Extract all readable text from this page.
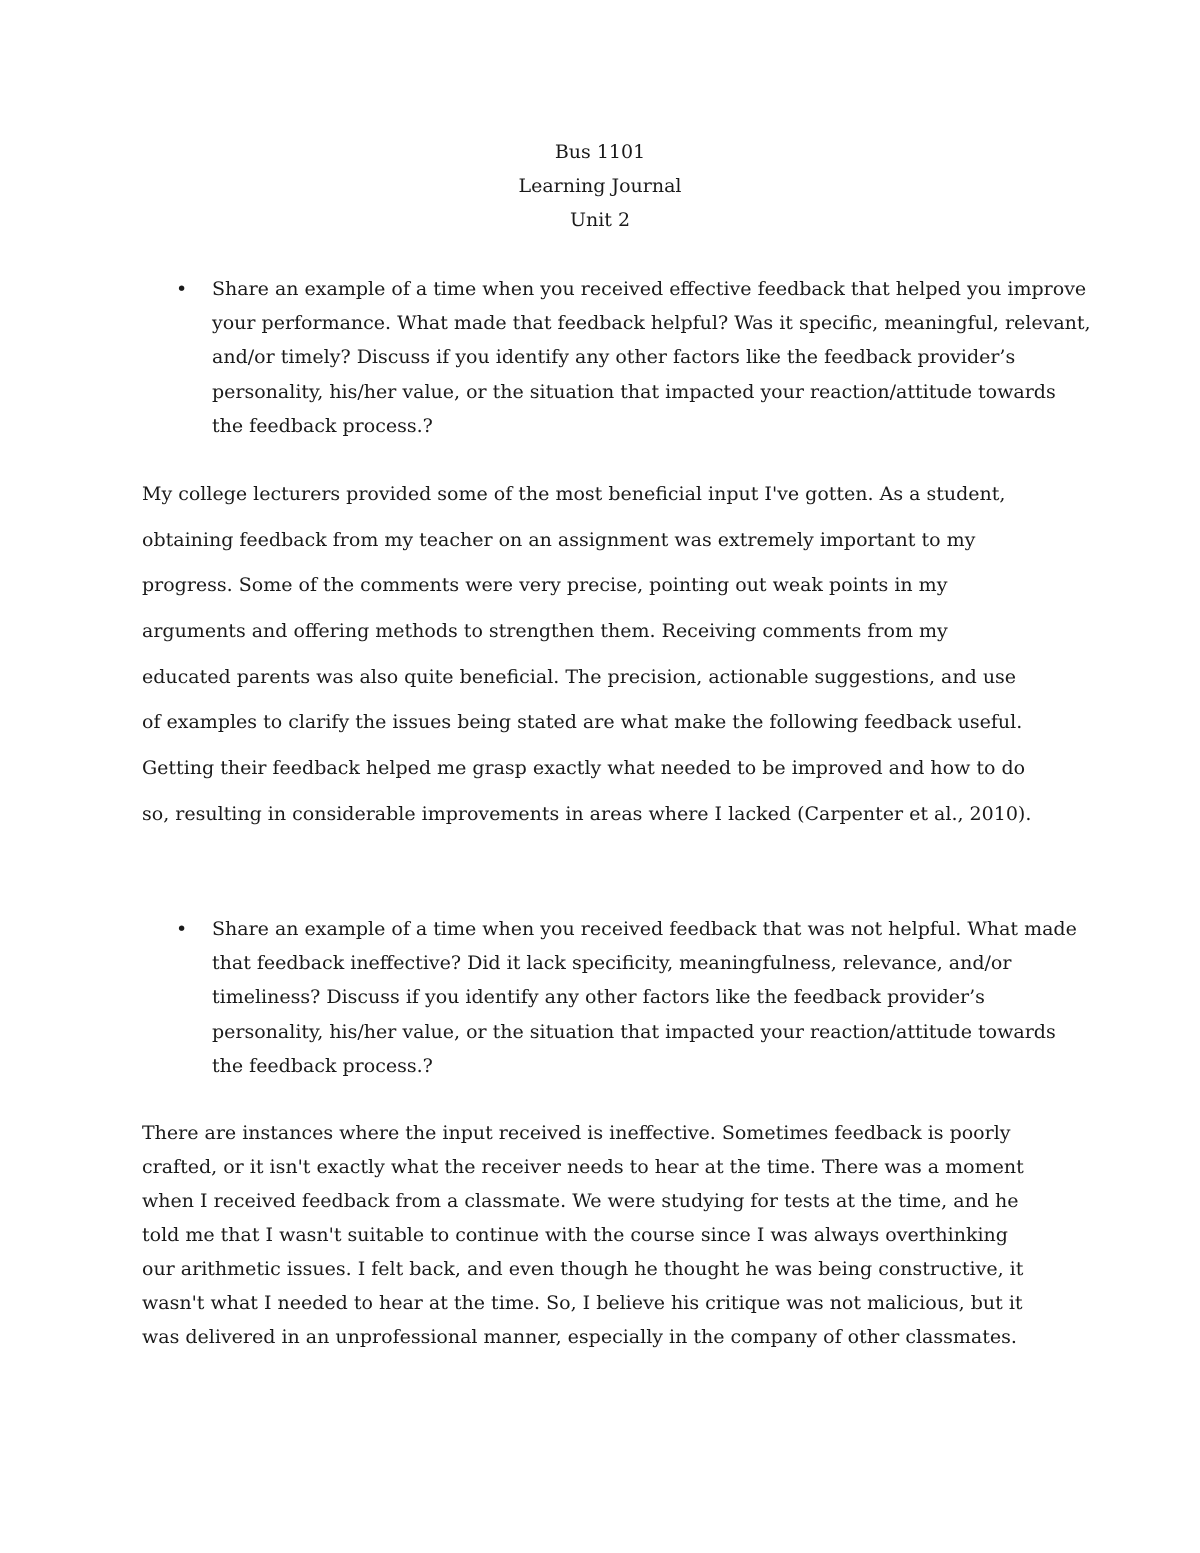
Bus 1101
Learning Journal
Unit 2
• Share an example of a time when you received effective feedback that helped you improve your performance. What made that feedback helpful? Was it specific, meaningful, relevant, and/or timely? Discuss if you identify any other factors like the feedback provider’s personality, his/her value, or the situation that impacted your reaction/attitude towards the feedback process.?
My college lecturers provided some of the most beneficial input I've gotten. As a student,
obtaining feedback from my teacher on an assignment was extremely important to my
progress. Some of the comments were very precise, pointing out weak points in my
arguments and offering methods to strengthen them. Receiving comments from my
educated parents was also quite beneficial. The precision, actionable suggestions, and use
of examples to clarify the issues being stated are what make the following feedback useful.
Getting their feedback helped me grasp exactly what needed to be improved and how to do
so, resulting in considerable improvements in areas where I lacked (Carpenter et al., 2010).
• Share an example of a time when you received feedback that was not helpful. What made that feedback ineffective? Did it lack specificity, meaningfulness, relevance, and/or timeliness? Discuss if you identify any other factors like the feedback provider’s personality, his/her value, or the situation that impacted your reaction/attitude towards the feedback process.?
There are instances where the input received is ineffective. Sometimes feedback is poorly
crafted, or it isn't exactly what the receiver needs to hear at the time. There was a moment
when I received feedback from a classmate. We were studying for tests at the time, and he
told me that I wasn't suitable to continue with the course since I was always overthinking
our arithmetic issues. I felt back, and even though he thought he was being constructive, it
wasn't what I needed to hear at the time. So, I believe his critique was not malicious, but it
was delivered in an unprofessional manner, especially in the company of other classmates.
